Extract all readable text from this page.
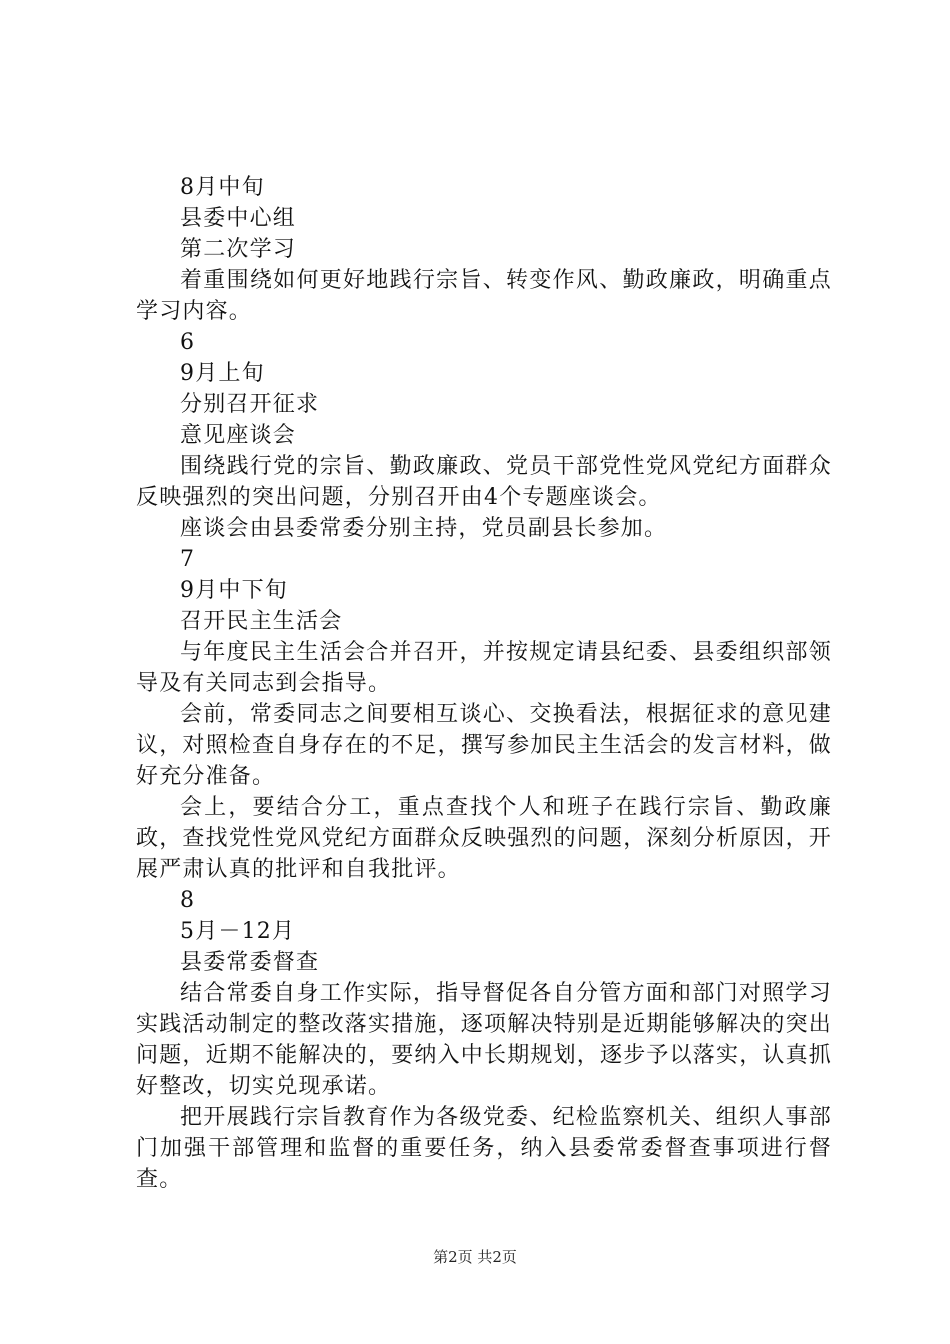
8月中旬
县委中心组
第二次学习

着重围绕如何更好地践行宗旨、转变作风、勤政廉政，明确重点学习内容。

6
9月上旬
分别召开征求
意见座谈会

围绕践行党的宗旨、勤政廉政、党员干部党性党风党纪方面群众反映强烈的突出问题，分别召开由4个专题座谈会。

座谈会由县委常委分别主持，党员副县长参加。

7
9月中下旬
召开民主生活会

与年度民主生活会合并召开，并按规定请县纪委、县委组织部领导及有关同志到会指导。

会前，常委同志之间要相互谈心、交换看法，根据征求的意见建议，对照检查自身存在的不足，撰写参加民主生活会的发言材料，做好充分准备。

会上，要结合分工，重点查找个人和班子在践行宗旨、勤政廉政，查找党性党风党纪方面群众反映强烈的问题，深刻分析原因，开展严肃认真的批评和自我批评。

8
5月－12月
县委常委督查

结合常委自身工作实际，指导督促各自分管方面和部门对照学习实践活动制定的整改落实措施，逐项解决特别是近期能够解决的突出问题，近期不能解决的，要纳入中长期规划，逐步予以落实，认真抓好整改，切实兑现承诺。

把开展践行宗旨教育作为各级党委、纪检监察机关、组织人事部门加强干部管理和监督的重要任务，纳入县委常委督查事项进行督查。

第2页 共2页
